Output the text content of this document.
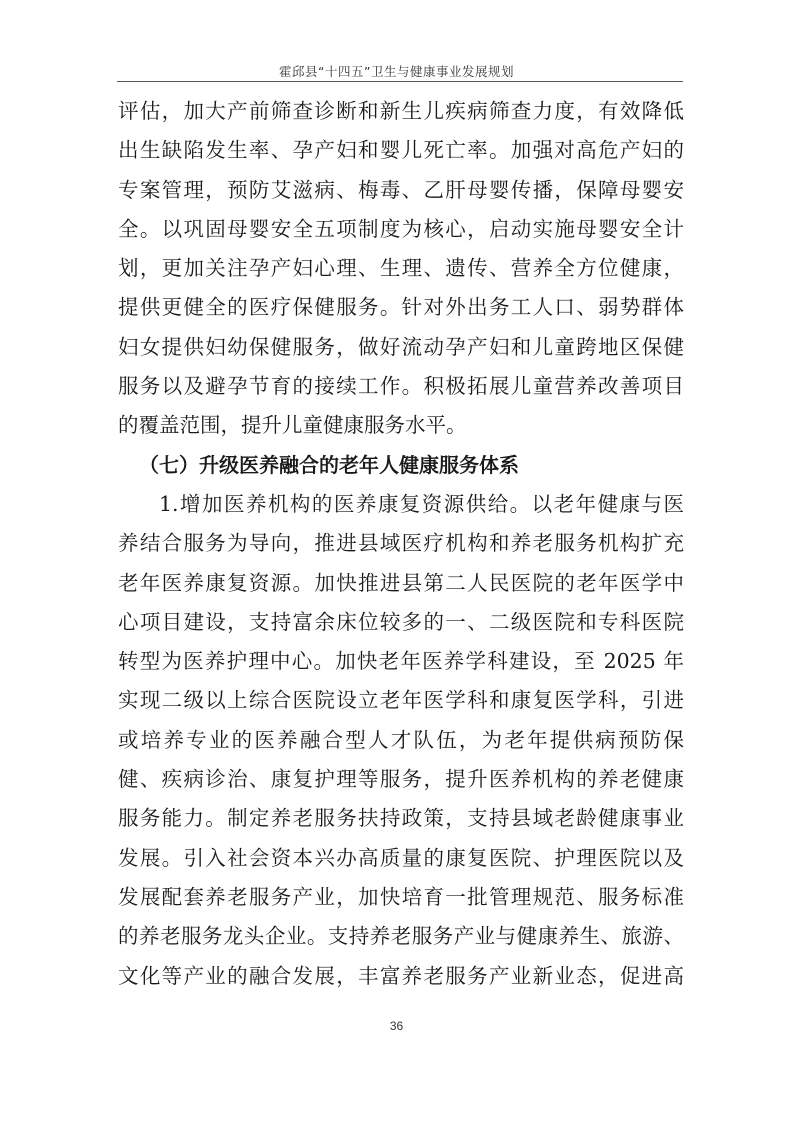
霍邱县“十四五”卫生与健康事业发展规划
评估，加大产前筛查诊断和新生儿疾病筛查力度，有效降低
出生缺陷发生率、孕产妇和婴儿死亡率。加强对高危产妇的
专案管理，预防艾滋病、梅毒、乙肝母婴传播，保障母婴安
全。以巩固母婴安全五项制度为核心，启动实施母婴安全计
划，更加关注孕产妇心理、生理、遗传、营养全方位健康，
提供更健全的医疗保健服务。针对外出务工人口、弱势群体
妇女提供妇幼保健服务，做好流动孕产妇和儿童跨地区保健
服务以及避孕节育的接续工作。积极拓展儿童营养改善项目
的覆盖范围，提升儿童健康服务水平。
（七）升级医养融合的老年人健康服务体系
1.增加医养机构的医养康复资源供给。以老年健康与医
养结合服务为导向，推进县域医疗机构和养老服务机构扩充
老年医养康复资源。加快推进县第二人民医院的老年医学中
心项目建设，支持富余床位较多的一、二级医院和专科医院
转型为医养护理中心。加快老年医养学科建设，至 2025 年
实现二级以上综合医院设立老年医学科和康复医学科，引进
或培养专业的医养融合型人才队伍，为老年提供病预防保
健、疾病诊治、康复护理等服务，提升医养机构的养老健康
服务能力。制定养老服务扶持政策，支持县域老龄健康事业
发展。引入社会资本兴办高质量的康复医院、护理医院以及
发展配套养老服务产业，加快培育一批管理规范、服务标准
的养老服务龙头企业。支持养老服务产业与健康养生、旅游、
文化等产业的融合发展，丰富养老服务产业新业态，促进高
36
